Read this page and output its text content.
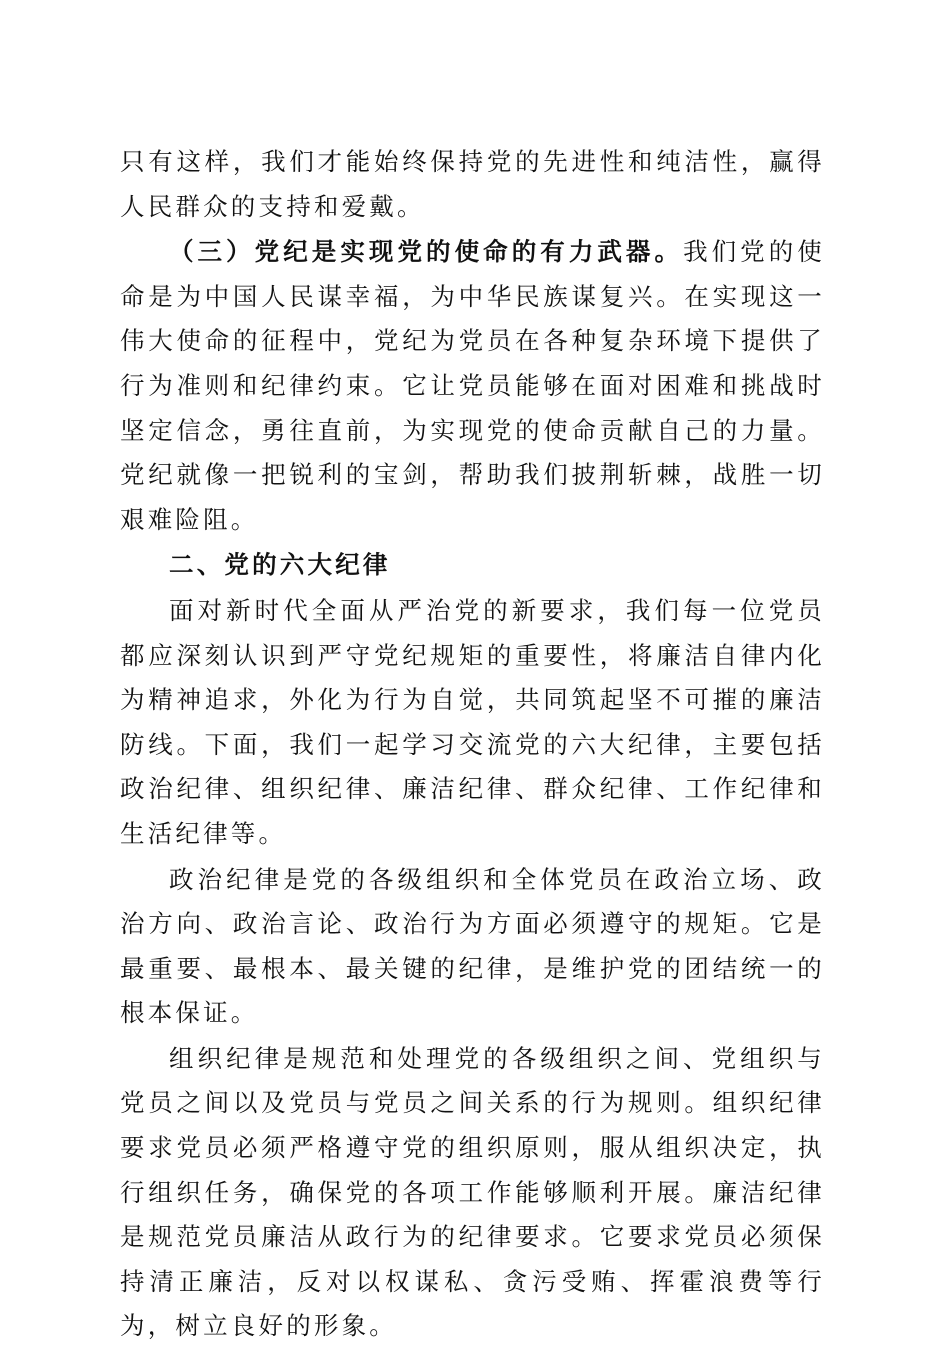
只有这样，我们才能始终保持党的先进性和纯洁性，赢得人民群众的支持和爱戴。

（三）党纪是实现党的使命的有力武器。我们党的使命是为中国人民谋幸福，为中华民族谋复兴。在实现这一伟大使命的征程中，党纪为党员在各种复杂环境下提供了行为准则和纪律约束。它让党员能够在面对困难和挑战时坚定信念，勇往直前，为实现党的使命贡献自己的力量。党纪就像一把锐利的宝剑，帮助我们披荆斩棘，战胜一切艰难险阻。

二、党的六大纪律

面对新时代全面从严治党的新要求，我们每一位党员都应深刻认识到严守党纪规矩的重要性，将廉洁自律内化为精神追求，外化为行为自觉，共同筑起坚不可摧的廉洁防线。下面，我们一起学习交流党的六大纪律，主要包括政治纪律、组织纪律、廉洁纪律、群众纪律、工作纪律和生活纪律等。

政治纪律是党的各级组织和全体党员在政治立场、政治方向、政治言论、政治行为方面必须遵守的规矩。它是最重要、最根本、最关键的纪律，是维护党的团结统一的根本保证。

组织纪律是规范和处理党的各级组织之间、党组织与党员之间以及党员与党员之间关系的行为规则。组织纪律要求党员必须严格遵守党的组织原则，服从组织决定，执行组织任务，确保党的各项工作能够顺利开展。廉洁纪律是规范党员廉洁从政行为的纪律要求。它要求党员必须保持清正廉洁，反对以权谋私、贪污受贿、挥霍浪费等行为，树立良好的形象。
